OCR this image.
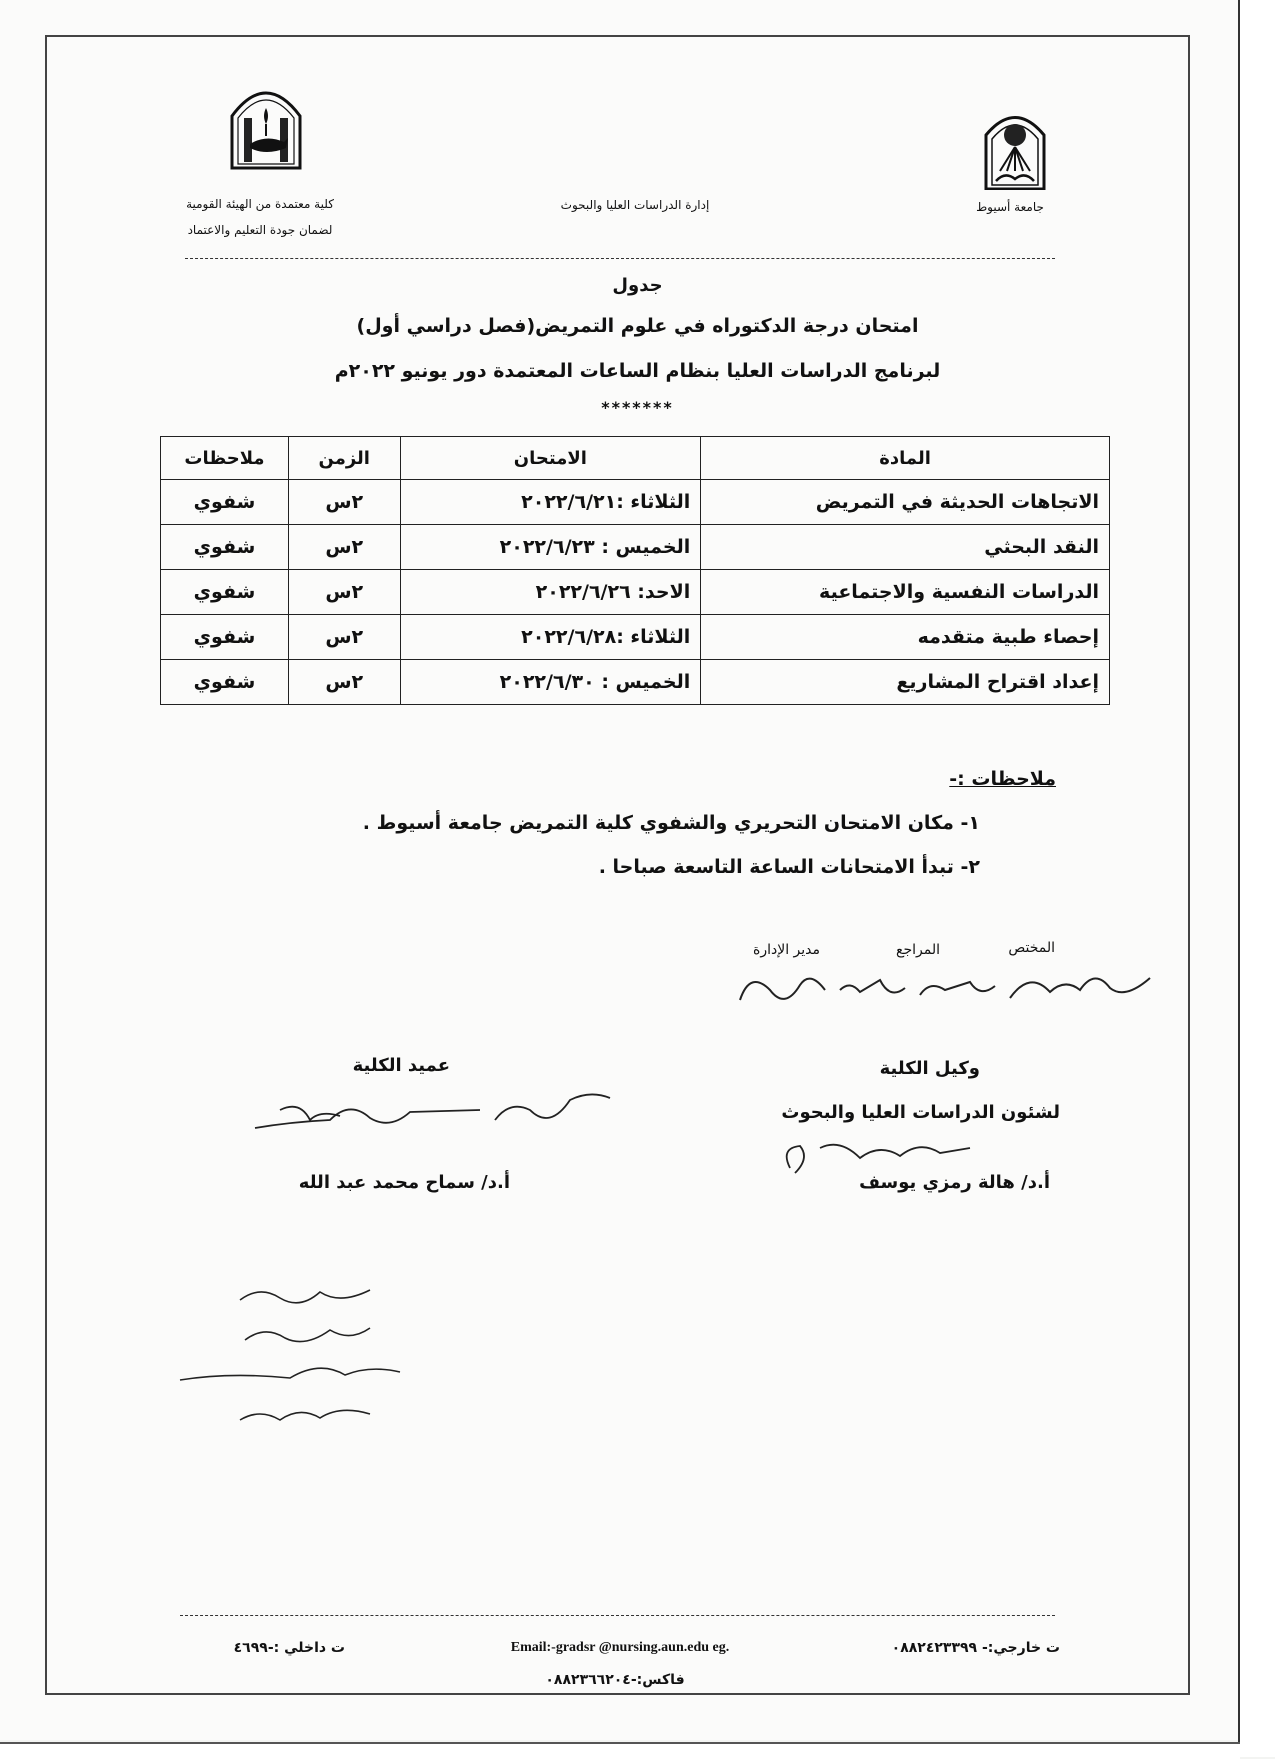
جامعة أسيوط
إدارة الدراسات العليا والبحوث
كلية معتمدة من الهيئة القومية
لضمان جودة التعليم والاعتماد
جدول
امتحان درجة الدكتوراه في علوم التمريض(فصل دراسي أول)
لبرنامج الدراسات العليا بنظام الساعات المعتمدة دور يونيو ٢٠٢٢م
*******
المادة	الامتحان	الزمن	ملاحظات
الاتجاهات الحديثة في التمريض	الثلاثاء :٢٠٢٢/٦/٢١	٢س	شفوي
النقد البحثي	الخميس : ٢٠٢٢/٦/٢٣	٢س	شفوي
الدراسات النفسية والاجتماعية	الاحد: ٢٠٢٢/٦/٢٦	٢س	شفوي
إحصاء طبية متقدمه	الثلاثاء :٢٠٢٢/٦/٢٨	٢س	شفوي
إعداد اقتراح المشاريع	الخميس : ٢٠٢٢/٦/٣٠	٢س	شفوي
ملاحظات :-
١- مكان الامتحان التحريري والشفوي كلية التمريض جامعة أسيوط .
٢- تبدأ الامتحانات الساعة التاسعة صباحا .
المختص
المراجع
مدير الإدارة
وكيل الكلية
لشئون الدراسات العليا والبحوث
أ.د/ هالة رمزي يوسف
عميد الكلية
أ.د/ سماح محمد عبد الله
ت خارجي:- ٠٨٨٢٤٢٣٣٩٩
Email:-gradsr @nursing.aun.edu eg.
ت داخلي :-٤٦٩٩
فاكس:-٠٨٨٢٣٦٦٢٠٤
